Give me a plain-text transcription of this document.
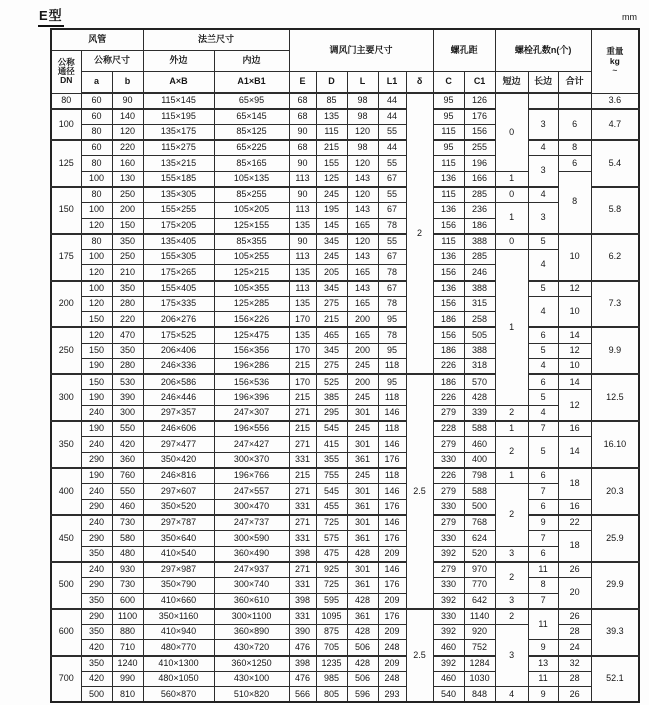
E型	mm
风管			法兰尺寸		调风门主要尺寸					螺孔距		螺栓孔数n(个)			重量
kg
~

公称
通径
DN	公称尺寸		外边	内边											
	a	b	A×B	A1×B1	E	D	L	L1	δ	C	C1	短边	长边	合计	
80	60	90	115×145	65×95	68	85	98	44	2	95	126	0			3.6
100	60	140	115×195	65×145	68	135	98	44		95	176		3	6	4.7
	80	120	135×175	85×125	90	115	120	55		115	156				
125	60	220	115×275	65×225	68	215	98	44		95	255		4	8	5.4
	80	160	135×215	85×165	90	155	120	55		115	196		3	6	
	100	130	155×185	105×135	113	125	143	67		136	166	1		8	
150	80	250	135×305	85×255	90	245	120	55		115	285	0	4		5.8
	100	200	155×255	105×205	113	195	143	67		136	236	1	3		
	120	150	175×205	125×155	135	145	165	78		156	186				
175	80	350	135×405	85×355	90	345	120	55		115	388	0	5	10	6.2
	100	250	155×305	105×255	113	245	143	67		136	285	1	4		
	120	210	175×265	125×215	135	205	165	78		156	246				
200	100	350	155×405	105×355	113	345	143	67		136	388		5	12	7.3
	120	280	175×335	125×285	135	275	165	78		156	315		4	10	
	150	220	206×276	156×226	170	215	200	95		186	258				
250	120	470	175×525	125×475	135	465	165	78		156	505		6	14	9.9
	150	350	206×406	156×356	170	345	200	95		186	388		5	12	
	190	280	246×336	196×286	215	275	245	118		226	318		4	10	
300	150	530	206×586	156×536	170	525	200	95	2.5	186	570		6	14	12.5
	190	390	246×446	196×396	215	385	245	118		226	428		5	12	
	240	300	297×357	247×307	271	295	301	146		279	339	2	4		
350	190	550	246×606	196×556	215	545	245	118		228	588	1	7	16	16.10
	240	420	297×477	247×427	271	415	301	146		279	460	2	5	14	
	290	360	350×420	300×370	331	355	361	176		330	400				
400	190	760	246×816	196×766	215	755	245	118		226	798	1	6	18	20.3
	240	550	297×607	247×557	271	545	301	146		279	588	2	7		
	290	460	350×520	300×470	331	455	361	176		330	500		6	16	
450	240	730	297×787	247×737	271	725	301	146		279	768		9	22	25.9
	290	580	350×640	300×590	331	575	361	176		330	624		7	18	
	350	480	410×540	360×490	398	475	428	209		392	520	3	6		
500	240	930	297×987	247×937	271	925	301	146		279	970	2	11	26	29.9
	290	730	350×790	300×740	331	725	361	176		330	770		8	20	
	350	600	410×660	360×610	398	595	428	209		392	642	3	7		
600	290	1100	350×1160	300×1100	331	1095	361	176	2.5	330	1140	2	11	26	39.3
	350	880	410×940	360×890	390	875	428	209		392	920	3		28	
	420	710	480×770	430×720	476	705	506	248		460	752		9	24	
700	350	1240	410×1300	360×1250	398	1235	428	209		392	1284		13	32	52.1
	420	990	480×1050	430×100	476	985	506	248		460	1030		11	28	
	500	810	560×870	510×820	566	805	596	293		540	848	4	9	26	
